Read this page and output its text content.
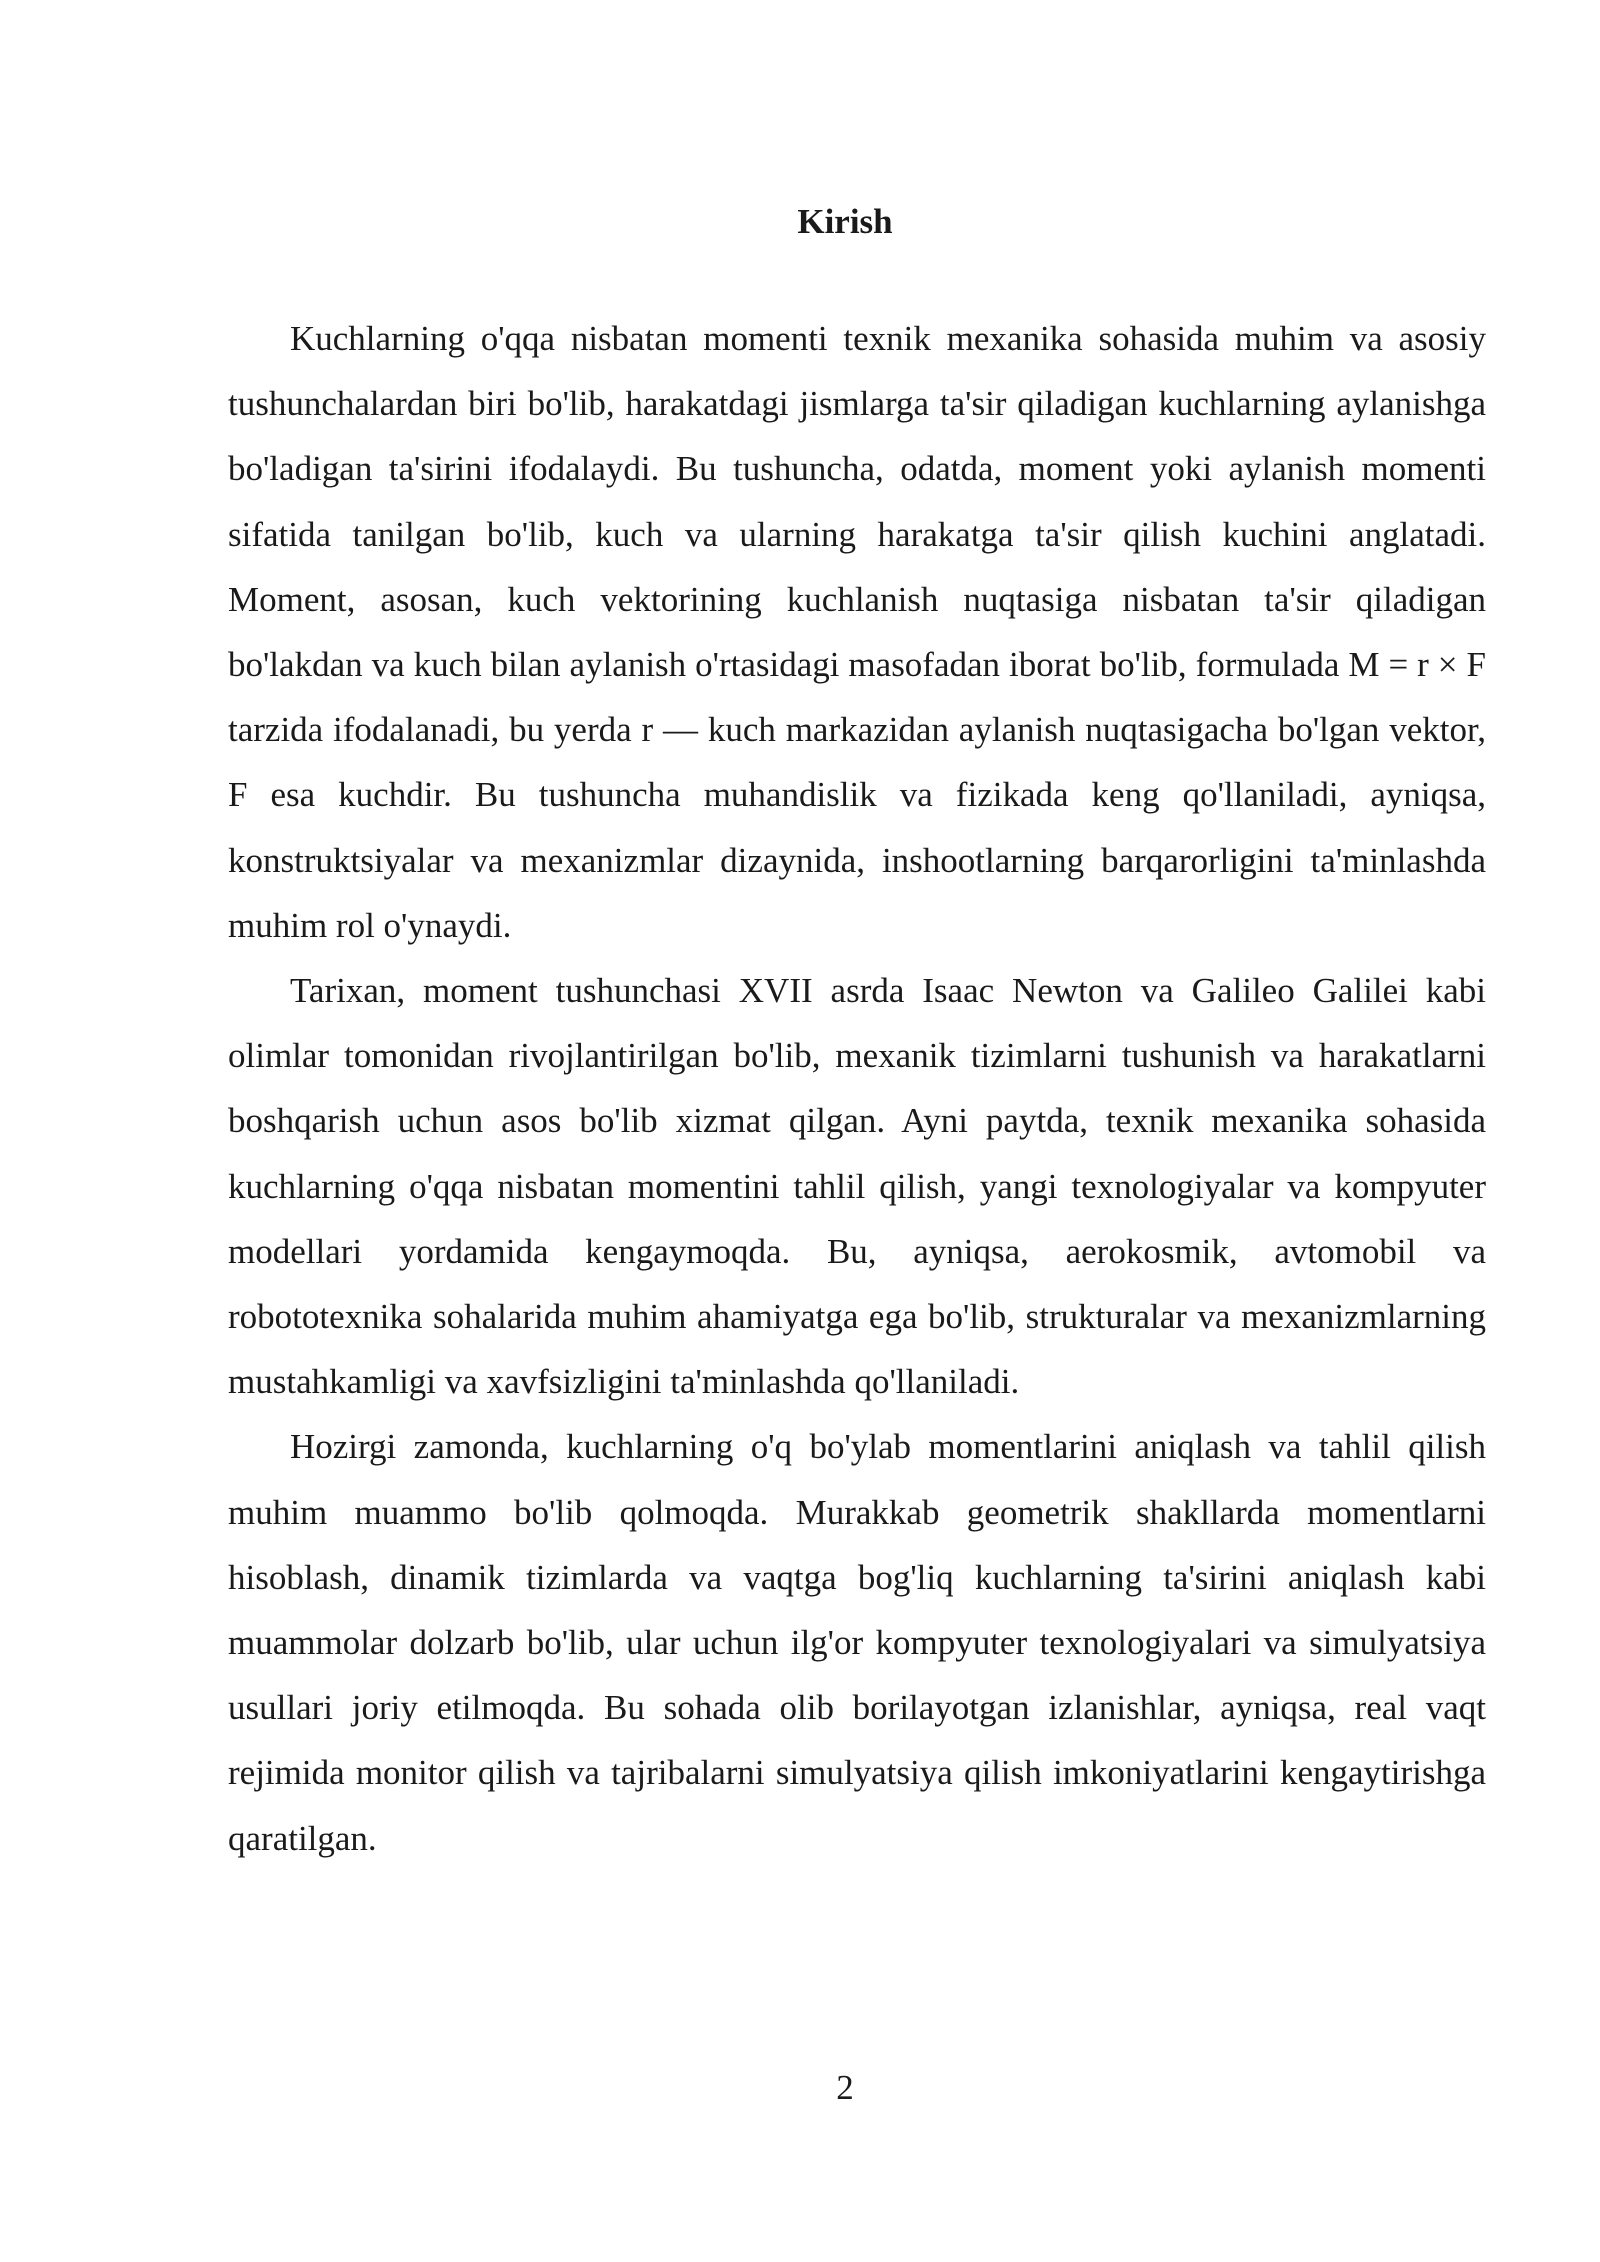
Kirish

Kuchlarning o'qqa nisbatan momenti texnik mexanika sohasida muhim va asosiy tushunchalardan biri bo'lib, harakatdagi jismlarga ta'sir qiladigan kuchlarning aylanishga bo'ladigan ta'sirini ifodalaydi. Bu tushuncha, odatda, moment yoki aylanish momenti sifatida tanilgan bo'lib, kuch va ularning harakatga ta'sir qilish kuchini anglatadi. Moment, asosan, kuch vektorining kuchlanish nuqtasiga nisbatan ta'sir qiladigan bo'lakdan va kuch bilan aylanish o'rtasidagi masofadan iborat bo'lib, formulada M = r × F tarzida ifodalanadi, bu yerda r — kuch markazidan aylanish nuqtasigacha bo'lgan vektor, F esa kuchdir. Bu tushuncha muhandislik va fizikada keng qo'llaniladi, ayniqsa, konstruktsiyalar va mexanizmlar dizaynida, inshootlarning barqarorligini ta'minlashda muhim rol o'ynaydi.

Tarixan, moment tushunchasi XVII asrda Isaac Newton va Galileo Galilei kabi olimlar tomonidan rivojlantirilgan bo'lib, mexanik tizimlarni tushunish va harakatlarni boshqarish uchun asos bo'lib xizmat qilgan. Ayni paytda, texnik mexanika sohasida kuchlarning o'qqa nisbatan momentini tahlil qilish, yangi texnologiyalar va kompyuter modellari yordamida kengaymoqda. Bu, ayniqsa, aerokosmik, avtomobil va robototexnika sohalarida muhim ahamiyatga ega bo'lib, strukturalar va mexanizmlarning mustahkamligi va xavfsizligini ta'minlashda qo'llaniladi.

Hozirgi zamonda, kuchlarning o'q bo'ylab momentlarini aniqlash va tahlil qilish muhim muammo bo'lib qolmoqda. Murakkab geometrik shakllarda momentlarni hisoblash, dinamik tizimlarda va vaqtga bog'liq kuchlarning ta'sirini aniqlash kabi muammolar dolzarb bo'lib, ular uchun ilg'or kompyuter texnologiyalari va simulyatsiya usullari joriy etilmoqda. Bu sohada olib borilayotgan izlanishlar, ayniqsa, real vaqt rejimida monitor qilish va tajribalarni simulyatsiya qilish imkoniyatlarini kengaytirishga qaratilgan.

2
